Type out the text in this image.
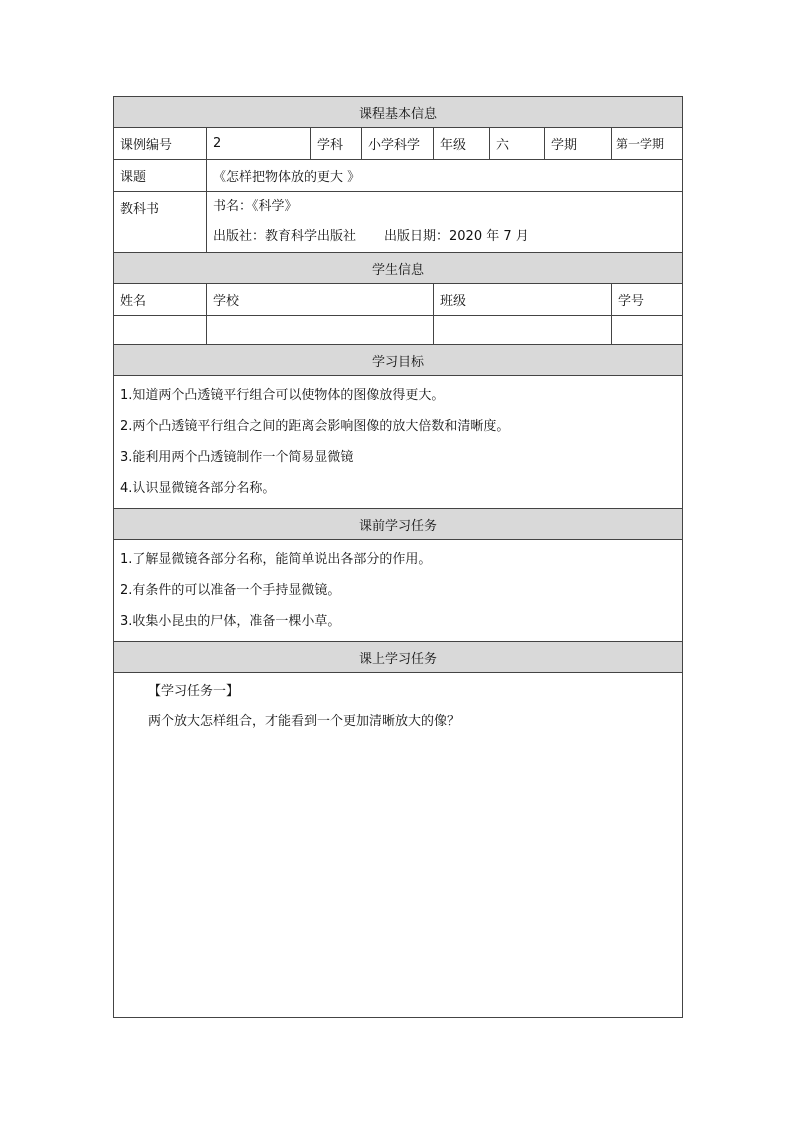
课程基本信息							
课例编号	2	学科	小学科学	年级	六	学期	第一学期
课题	《怎样把物体放的更大 》						
教科书	书名：《科学》
出版社：教育科学出版社 出版日期：2020 年 7 月						

学生信息							
姓名	学校			班级			学号

学习目标							

1.知道两个凸透镜平行组合可以使物体的图像放得更大。
2.两个凸透镜平行组合之间的距离会影响图像的放大倍数和清晰度。
3.能利用两个凸透镜制作一个简易显微镜
4.认识显微镜各部分名称。							

课前学习任务							

1.了解显微镜各部分名称，能简单说出各部分的作用。
2.有条件的可以准备一个手持显微镜。
3.收集小昆虫的尸体，准备一棵小草。							

课上学习任务							

【学习任务一】
两个放大怎样组合，才能看到一个更加清晰放大的像？							
